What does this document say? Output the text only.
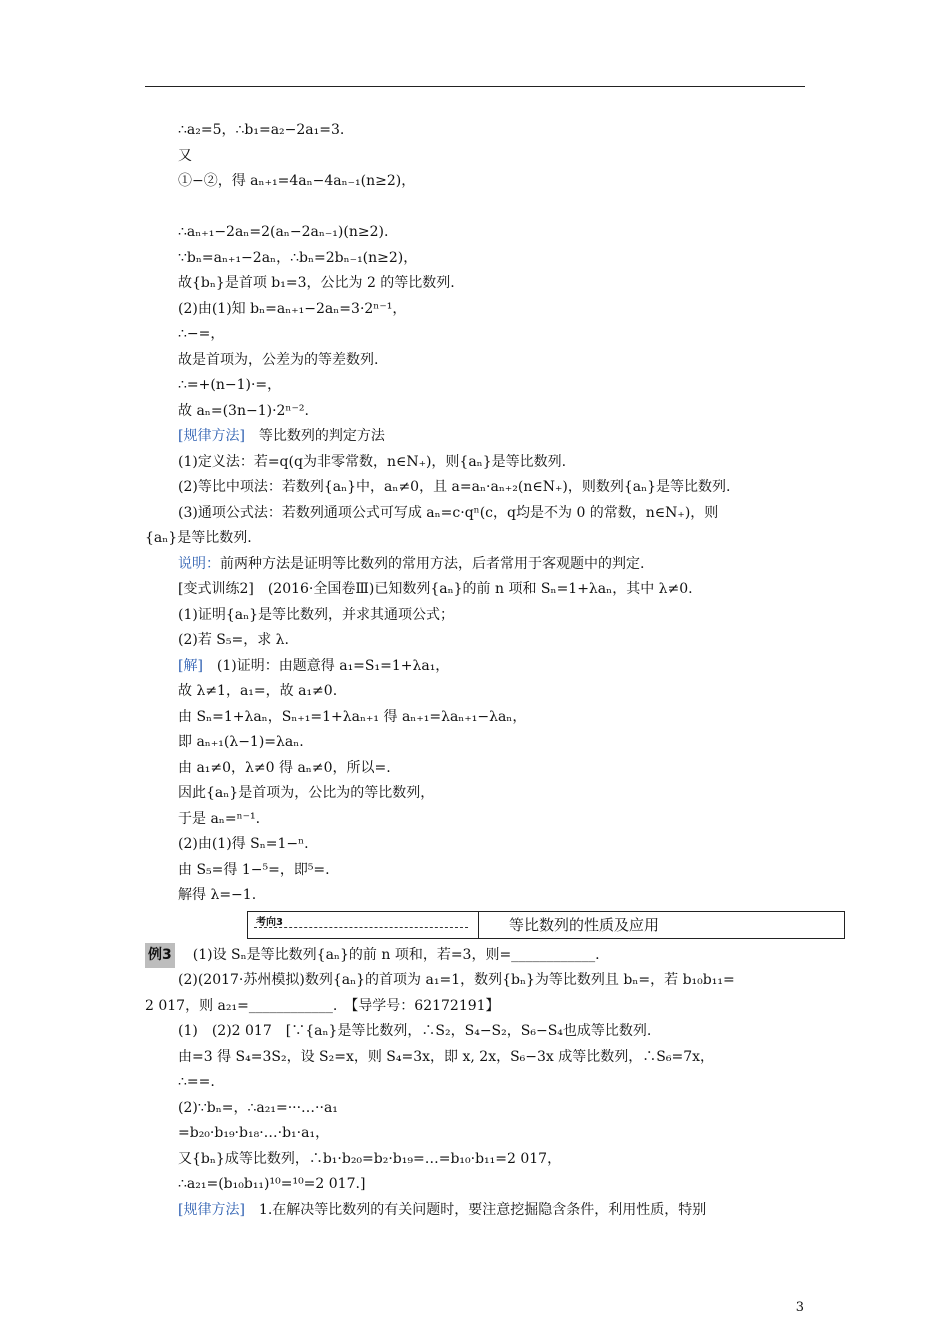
∴a₂=5，∴b₁=a₂−2a₁=3.
又
①−②，得 aₙ₊₁=4aₙ−4aₙ₋₁(n≥2)，
∴aₙ₊₁−2aₙ=2(aₙ−2aₙ₋₁)(n≥2).
∵bₙ=aₙ₊₁−2aₙ，∴bₙ=2bₙ₋₁(n≥2)，
故{bₙ}是首项 b₁=3，公比为 2 的等比数列.
(2)由(1)知 bₙ=aₙ₊₁−2aₙ=3·2ⁿ⁻¹，
∴−=，
故是首项为，公差为的等差数列.
∴=+(n−1)·=，
故 aₙ=(3n−1)·2ⁿ⁻².
[规律方法]　等比数列的判定方法
(1)定义法：若=q(q为非零常数，n∈N₊)，则{aₙ}是等比数列.
(2)等比中项法：若数列{aₙ}中，aₙ≠0，且 a=aₙ·aₙ₊₂(n∈N₊)，则数列{aₙ}是等比数列.
(3)通项公式法：若数列通项公式可写成 aₙ=c·qⁿ(c，q均是不为 0 的常数，n∈N₊)，则
{aₙ}是等比数列.
说明：前两种方法是证明等比数列的常用方法，后者常用于客观题中的判定.
[变式训练2]　(2016·全国卷Ⅲ)已知数列{aₙ}的前 n 项和 Sₙ=1+λaₙ，其中 λ≠0.
(1)证明{aₙ}是等比数列，并求其通项公式；
(2)若 S₅=，求 λ.
[解]　(1)证明：由题意得 a₁=S₁=1+λa₁，
故 λ≠1，a₁=，故 a₁≠0.
由 Sₙ=1+λaₙ，Sₙ₊₁=1+λaₙ₊₁ 得 aₙ₊₁=λaₙ₊₁−λaₙ，
即 aₙ₊₁(λ−1)=λaₙ.
由 a₁≠0，λ≠0 得 aₙ≠0，所以=.
因此{aₙ}是首项为，公比为的等比数列，
于是 aₙ=ⁿ⁻¹.
(2)由(1)得 Sₙ=1−ⁿ.
由 S₅=得 1−⁵=，即⁵=.
解得 λ=−1.
考向3	等比数列的性质及应用
例3　(1)设 Sₙ是等比数列{aₙ}的前 n 项和，若=3，则=____________.
(2)(2017·苏州模拟)数列{aₙ}的首项为 a₁=1，数列{bₙ}为等比数列且 bₙ=，若 b₁₀b₁₁=
2 017，则 a₂₁=____________.　【导学号：62172191】
(1)　(2)2 017　[∵{aₙ}是等比数列，∴S₂，S₄−S₂，S₆−S₄也成等比数列.
由=3 得 S₄=3S₂，设 S₂=x，则 S₄=3x，即 x, 2x，S₆−3x 成等比数列，∴S₆=7x，
∴==.
(2)∵bₙ=，∴a₂₁=···…··a₁
=b₂₀·b₁₉·b₁₈·…·b₁·a₁，
又{bₙ}成等比数列，∴b₁·b₂₀=b₂·b₁₉=…=b₁₀·b₁₁=2 017，
∴a₂₁=(b₁₀b₁₁)¹⁰=¹⁰=2 017.]
[规律方法]　1.在解决等比数列的有关问题时，要注意挖掘隐含条件，利用性质，特别
3
